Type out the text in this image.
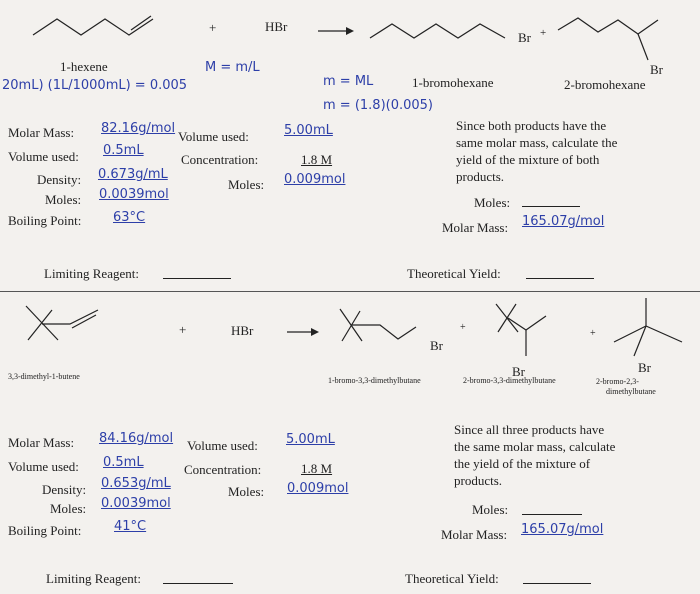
+	HBr
Br +
Br
1-hexene
1-bromohexane	2-bromohexane
20mL) (1L/1000mL) = 0.005
M = m/L
m = ML
m = (1.8)(0.005)
Molar Mass: 82.16g/mol
Volume used: 0.5mL
Density: 0.673g/mL
Moles: 0.0039mol
Boiling Point: 63°C
Volume used:	5.00mL
Concentration:	1.8 M
Moles: 0.009mol
Since both products have the
same molar mass, calculate the
yield of the mixture of both
products.
Moles:
Molar Mass: 165.07g/mol
Limiting Reagent:	Theoretical Yield:
+	HBr
Br
+
Br
+
Br
3,3-dimethyl-1-butene	1-bromo-3,3-dimethylbutane	2-bromo-3,3-dimethylbutane	2-bromo-2,3-
dimethylbutane
Molar Mass: 84.16g/mol
Volume used: 0.5mL
Density: 0.653g/mL
Moles: 0.0039mol
Boiling Point:	41°C
Volume used: 5.00mL
Concentration:	1.8 M
Moles: 0.009mol
Since all three products have
the same molar mass, calculate
the yield of the mixture of
products.
Moles:
Molar Mass: 165.07g/mol
Limiting Reagent:	Theoretical Yield:
